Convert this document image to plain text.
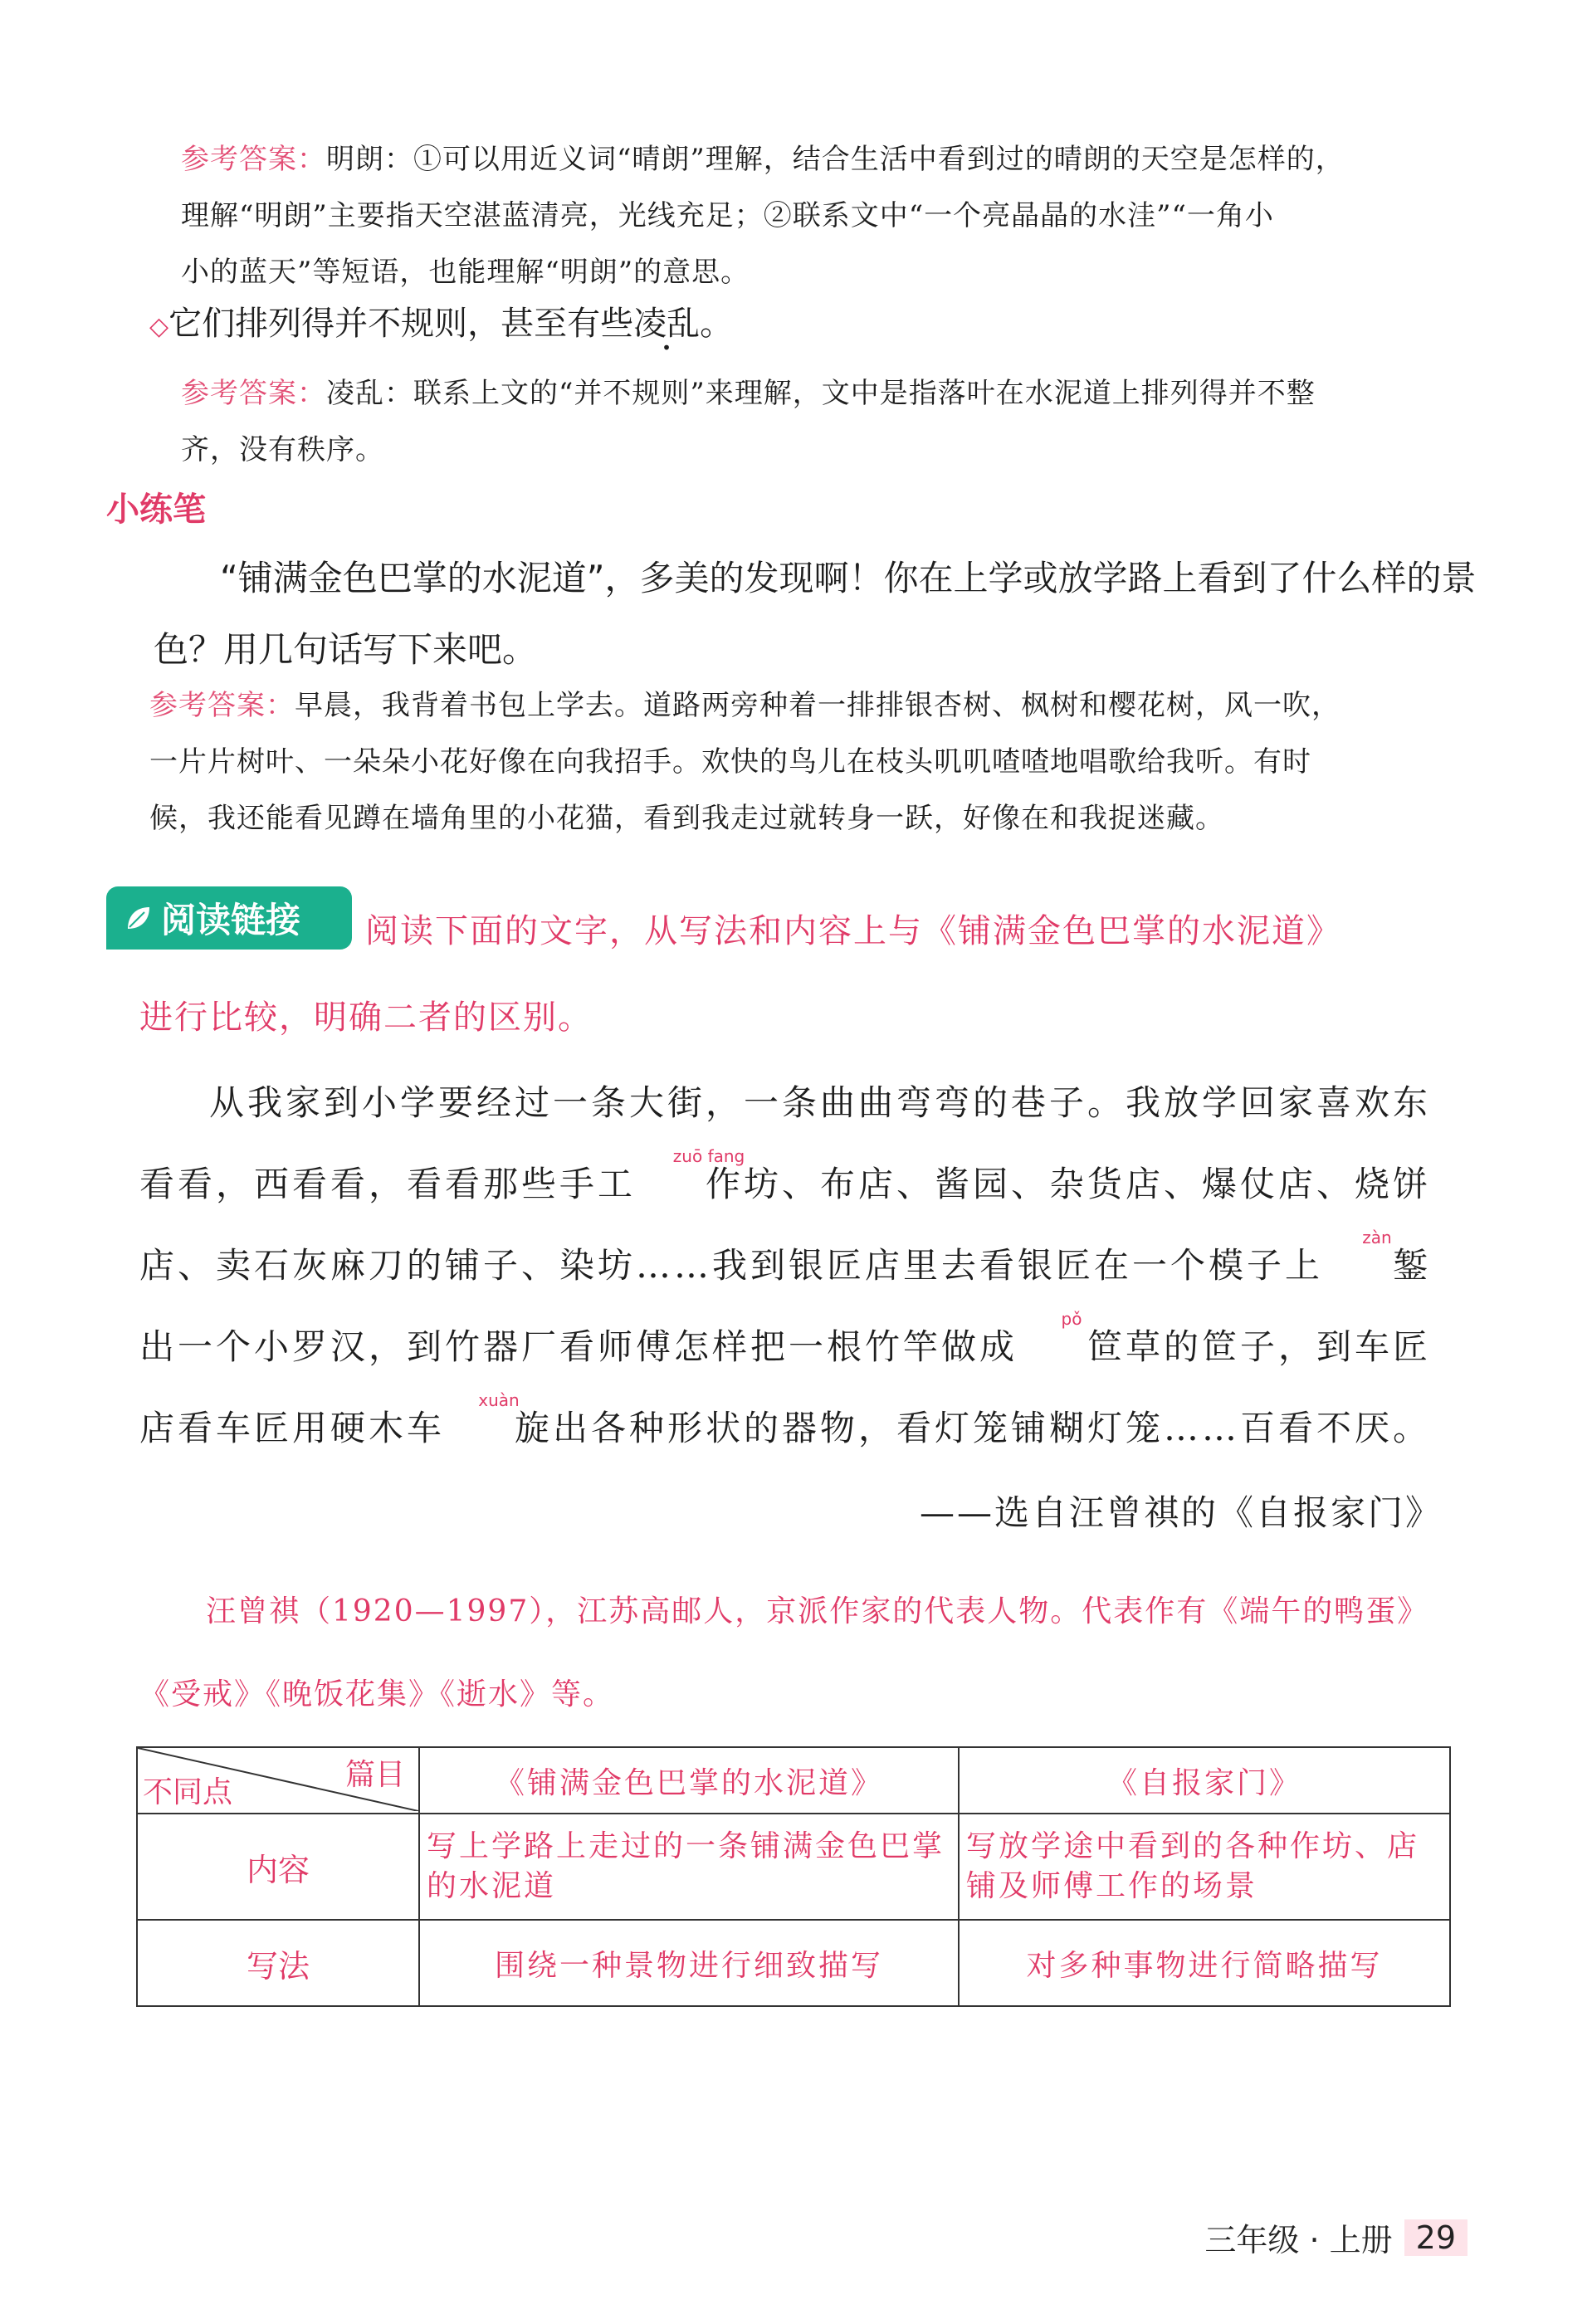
参考答案：明朗：①可以用近义词“晴朗”理解，结合生活中看到过的晴朗的天空是怎样的，
理解“明朗”主要指天空湛蓝清亮，光线充足；②联系文中“一个亮晶晶的水洼”“一角小
小的蓝天”等短语，也能理解“明朗”的意思。
◇它们排列得并不规则，甚至有些凌乱。
参考答案：凌乱：联系上文的“并不规则”来理解，文中是指落叶在水泥道上排列得并不整
齐，没有秩序。
小练笔
“铺满金色巴掌的水泥道”，多美的发现啊！你在上学或放学路上看到了什么样的景色？用几句话写下来吧。
参考答案：早晨，我背着书包上学去。道路两旁种着一排排银杏树、枫树和樱花树，风一吹，
一片片树叶、一朵朵小花好像在向我招手。欢快的鸟儿在枝头叽叽喳喳地唱歌给我听。有时
候，我还能看见蹲在墙角里的小花猫，看到我走过就转身一跃，好像在和我捉迷藏。
阅读链接 阅读下面的文字，从写法和内容上与《铺满金色巴掌的水泥道》
进行比较，明确二者的区别。
从我家到小学要经过一条大街，一条曲曲弯弯的巷子。我放学回家喜欢东看看，西看看，看看那些手工
zuō fang
作坊、布店、酱园、杂货店、爆仗店、烧饼店、卖石灰麻刀的铺子、染坊……我到银匠店里去看银匠在一个模子上
zàn
錾出一个小罗汉，到竹器厂看师傅怎样把一根竹竿做成
pǒ
笸草的笸子，到车匠店看车匠用硬木车
xuàn
旋出各种形状的器物，看灯笼铺糊灯笼……百看不厌。
——选自汪曾祺的《自报家门》
汪曾祺（1920—1997），江苏高邮人，京派作家的代表人物。代表作有《端午的鸭蛋》《受戒》《晚饭花集》《逝水》等。
篇目
不同点	《铺满金色巴掌的水泥道》	《自报家门》
内容	写上学路上走过的一条铺满金色巴掌的水泥道	写放学途中看到的各种作坊、店铺及师傅工作的场景
写法	围绕一种景物进行细致描写	对多种事物进行简略描写
三年级 · 上册 29
